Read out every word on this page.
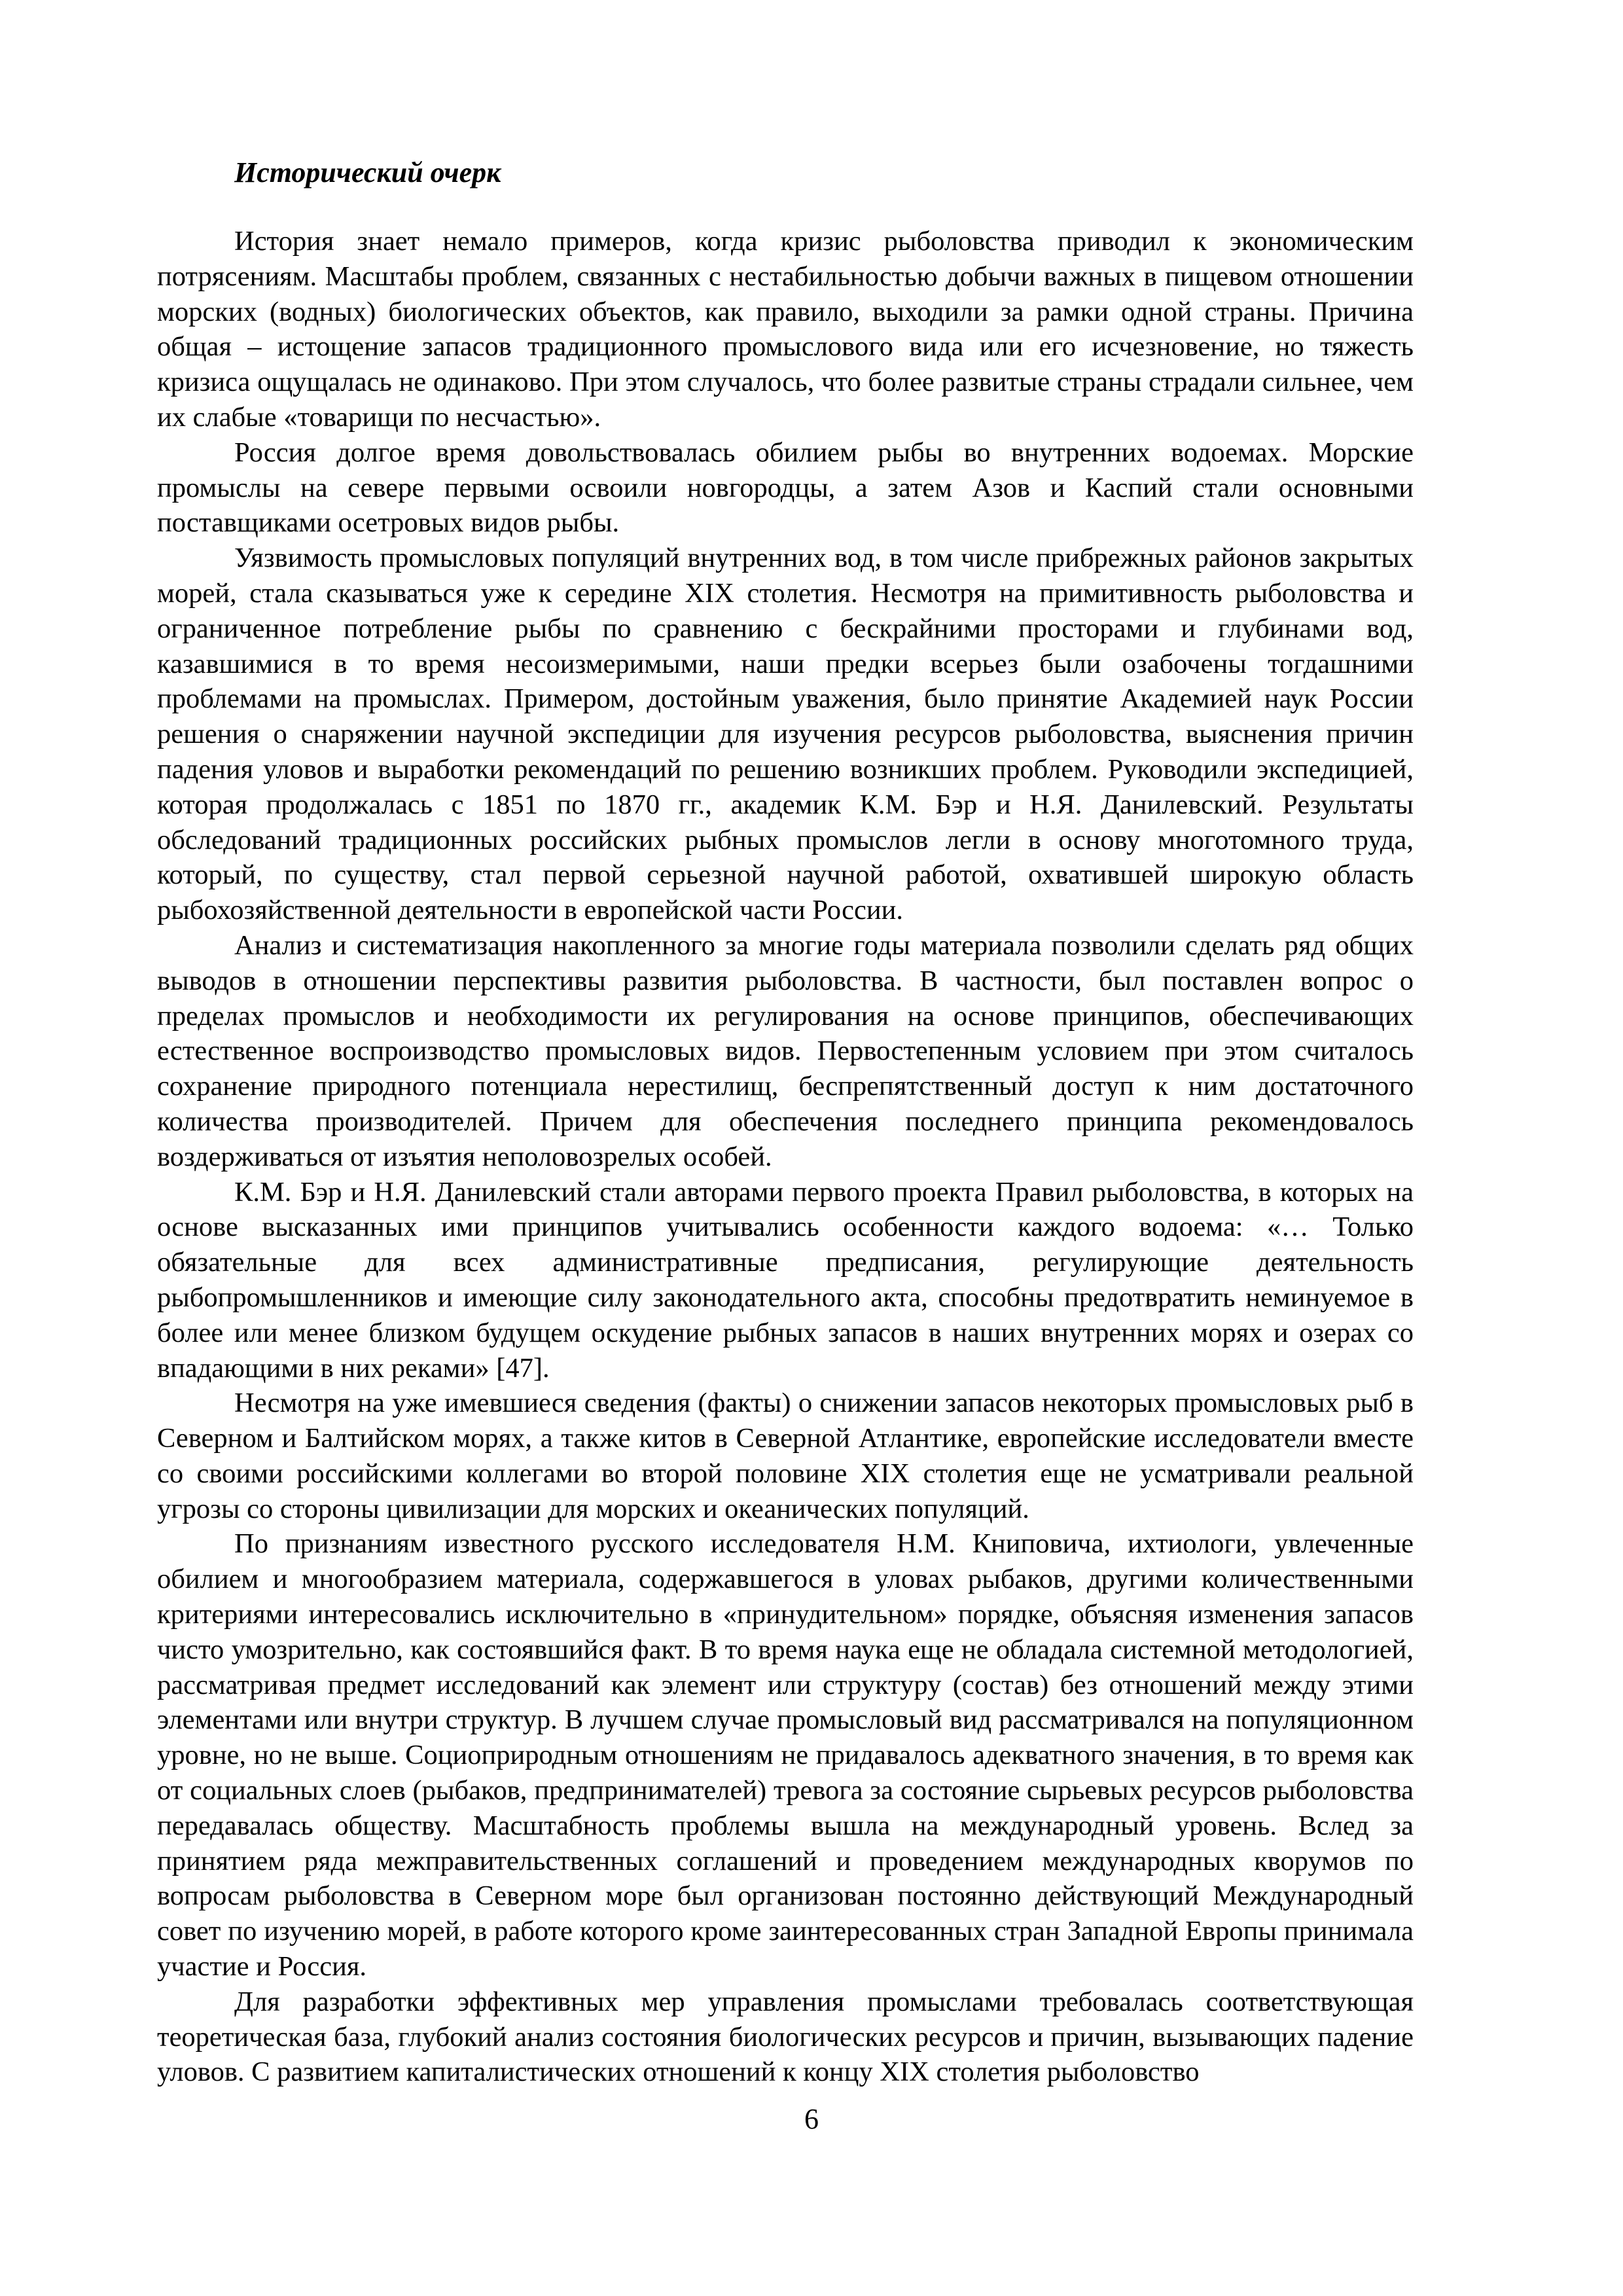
Исторический очерк

История знает немало примеров, когда кризис рыболовства приводил к экономическим потрясениям. Масштабы проблем, связанных с нестабильностью добычи важных в пищевом отношении морских (водных) биологических объектов, как правило, выходили за рамки одной страны. Причина общая – истощение запасов традиционного промыслового вида или его исчезновение, но тяжесть кризиса ощущалась не одинаково. При этом случалось, что более развитые страны страдали сильнее, чем их слабые «товарищи по несчастью».

Россия долгое время довольствовалась обилием рыбы во внутренних водоемах. Морские промыслы на севере первыми освоили новгородцы, а затем Азов и Каспий стали основными поставщиками осетровых видов рыбы.

Уязвимость промысловых популяций внутренних вод, в том числе прибрежных районов закрытых морей, стала сказываться уже к середине XIX столетия. Несмотря на примитивность рыболовства и ограниченное потребление рыбы по сравнению с бескрайними просторами и глубинами вод, казавшимися в то время несоизмеримыми, наши предки всерьез были озабочены тогдашними проблемами на промыслах. Примером, достойным уважения, было принятие Академией наук России решения о снаряжении научной экспедиции для изучения ресурсов рыболовства, выяснения причин падения уловов и выработки рекомендаций по решению возникших проблем. Руководили экспедицией, которая продолжалась с 1851 по 1870 гг., академик К.М. Бэр и Н.Я. Данилевский. Результаты обследований традиционных российских рыбных промыслов легли в основу многотомного труда, который, по существу, стал первой серьезной научной работой, охватившей широкую область рыбохозяйственной деятельности в европейской части России.

Анализ и систематизация накопленного за многие годы материала позволили сделать ряд общих выводов в отношении перспективы развития рыболовства. В частности, был поставлен вопрос о пределах промыслов и необходимости их регулирования на основе принципов, обеспечивающих естественное воспроизводство промысловых видов. Первостепенным условием при этом считалось сохранение природного потенциала нерестилищ, беспрепятственный доступ к ним достаточного количества производителей. Причем для обеспечения последнего принципа рекомендовалось воздерживаться от изъятия неполовозрелых особей.

К.М. Бэр и Н.Я. Данилевский стали авторами первого проекта Правил рыболовства, в которых на основе высказанных ими принципов учитывались особенности каждого водоема: «… Только обязательные для всех административные предписания, регулирующие деятельность рыбопромышленников и имеющие силу законодательного акта, способны предотвратить неминуемое в более или менее близком будущем оскудение рыбных запасов в наших внутренних морях и озерах со впадающими в них реками» [47].

Несмотря на уже имевшиеся сведения (факты) о снижении запасов некоторых промысловых рыб в Северном и Балтийском морях, а также китов в Северной Атлантике, европейские исследователи вместе со своими российскими коллегами во второй половине XIX столетия еще не усматривали реальной угрозы со стороны цивилизации для морских и океанических популяций.

По признаниям известного русского исследователя Н.М. Книповича, ихтиологи, увлеченные обилием и многообразием материала, содержавшегося в уловах рыбаков, другими количественными критериями интересовались исключительно в «принудительном» порядке, объясняя изменения запасов чисто умозрительно, как состоявшийся факт. В то время наука еще не обладала системной методологией, рассматривая предмет исследований как элемент или структуру (состав) без отношений между этими элементами или внутри структур. В лучшем случае промысловый вид рассматривался на популяционном уровне, но не выше. Социоприродным отношениям не придавалось адекватного значения, в то время как от социальных слоев (рыбаков, предпринимателей) тревога за состояние сырьевых ресурсов рыболовства передавалась обществу. Масштабность проблемы вышла на международный уровень. Вслед за принятием ряда межправительственных соглашений и проведением международных кворумов по вопросам рыболовства в Северном море был организован постоянно действующий Международный совет по изучению морей, в работе которого кроме заинтересованных стран Западной Европы принимала участие и Россия.

Для разработки эффективных мер управления промыслами требовалась соответствующая теоретическая база, глубокий анализ состояния биологических ресурсов и причин, вызывающих падение уловов. С развитием капиталистических отношений к концу XIX столетия рыболовство

6
